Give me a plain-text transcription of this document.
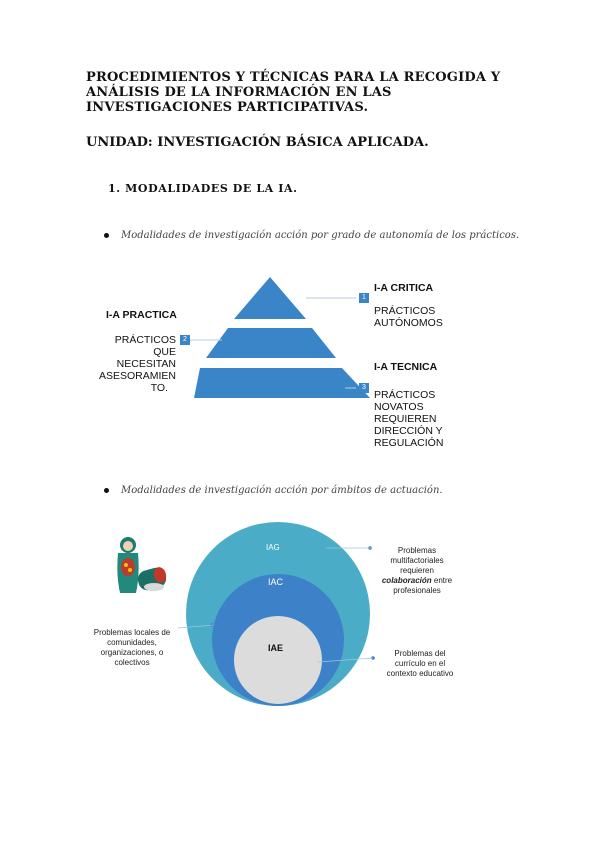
PROCEDIMIENTOS Y TÉCNICAS PARA LA RECOGIDA Y ANÁLISIS DE LA INFORMACIÓN EN LAS INVESTIGACIONES PARTICIPATIVAS.
UNIDAD: INVESTIGACIÓN BÁSICA APLICADA.
1. MODALIDADES DE LA IA.
Modalidades de investigación acción por grado de autonomía de los prácticos.
1
2
3
I-A CRITICA
PRÁCTICOS
AUTÓNOMOS
I-A PRACTICA
PRÁCTICOS
QUE
NECESITAN
ASESORAMIEN
TO.
I-A TECNICA
PRÁCTICOS
NOVATOS
REQUIEREN
DIRECCIÓN Y
REGULACIÓN
Modalidades de investigación acción por ámbitos de actuación.
IAG
IAC
IAE
Problemas
multifactoriales
requieren
colaboración entre
profesionales
Problemas locales de
comunidades,
organizaciones, o
colectivos
Problemas del
currículo en el
contexto educativo
